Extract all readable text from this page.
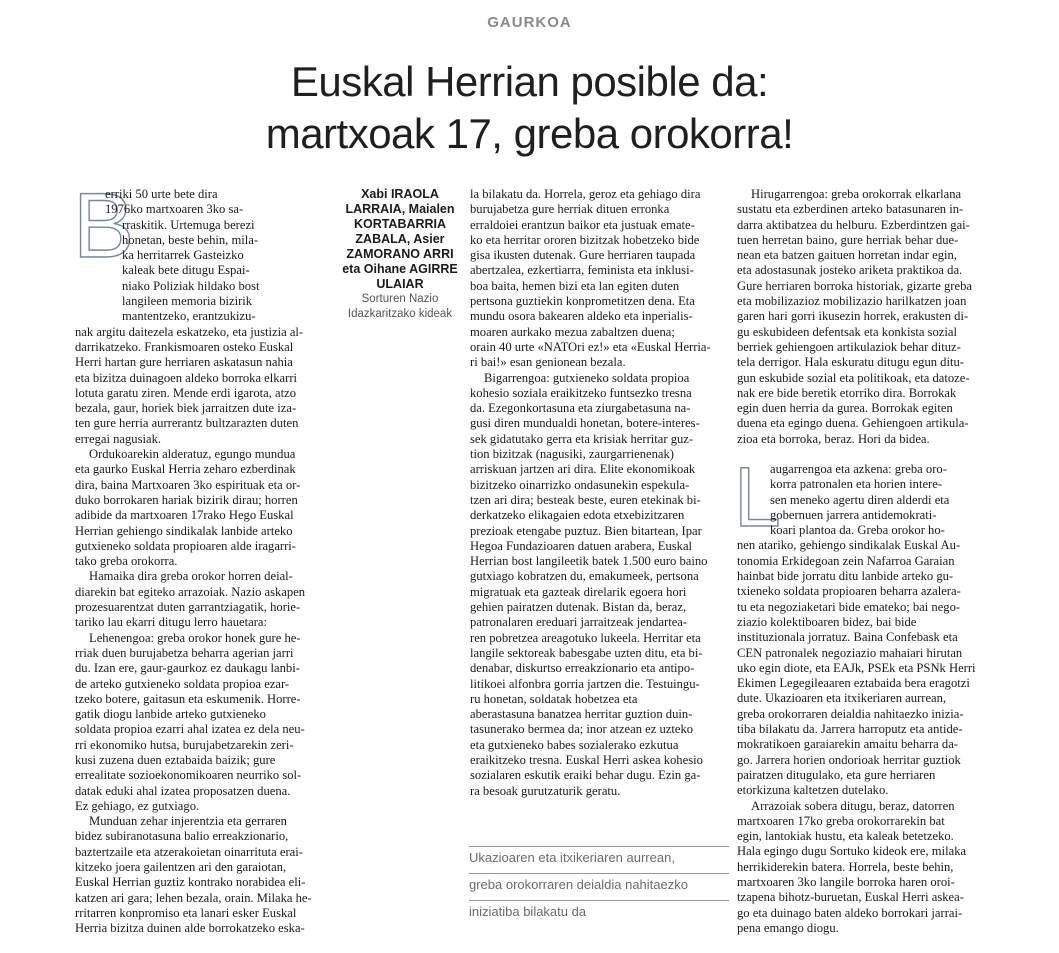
GAURKOA
Euskal Herrian posible da:
martxoak 17, greba orokorra!
B
erriki 50 urte bete dira
1976ko martxoaren 3ko sa-
rraskitik. Urtemuga berezi
honetan, beste behin, mila-
ka herritarrek Gasteizko
kaleak bete ditugu Espai-
niako Poliziak hildako bost
langileen memoria bizirik
mantentzeko, erantzukizu-
nak argitu daitezela eskatzeko, eta justizia al-
darrikatzeko. Frankismoaren osteko Euskal
Herri hartan gure herriaren askatasun nahia
eta bizitza duinagoen aldeko borroka elkarri
lotuta garatu ziren. Mende erdi igarota, atzo
bezala, gaur, horiek biek jarraitzen dute iza-
ten gure herria aurrerantz bultzarazten duten
erregai nagusiak.
Ordukoarekin alderatuz, egungo mundua
eta gaurko Euskal Herria zeharo ezberdinak
dira, baina Martxoaren 3ko espirituak eta or-
duko borrokaren hariak bizirik dirau; horren
adibide da martxoaren 17rako Hego Euskal
Herrian gehiengo sindikalak lanbide arteko
gutxieneko soldata propioaren alde iragarri-
tako greba orokorra.
Hamaika dira greba orokor horren deial-
diarekin bat egiteko arrazoiak. Nazio askapen
prozesuarentzat duten garrantziagatik, horie-
tariko lau ekarri ditugu lerro hauetara:
Lehenengoa: greba orokor honek gure he-
rriak duen burujabetza beharra agerian jarri
du. Izan ere, gaur-gaurkoz ez daukagu lanbi-
de arteko gutxieneko soldata propioa ezar-
tzeko botere, gaitasun eta eskumenik. Horre-
gatik diogu lanbide arteko gutxieneko
soldata propioa ezarri ahal izatea ez dela neu-
rri ekonomiko hutsa, burujabetzarekin zeri-
kusi zuzena duen eztabaida baizik; gure
errealitate sozioekonomikoaren neurriko sol-
datak eduki ahal izatea proposatzen duena.
Ez gehiago, ez gutxiago.
Munduan zehar injerentzia eta gerraren
bidez subiranotasuna balio erreakzionario,
baztertzaile eta atzerakoietan oinarrituta erai-
kitzeko joera gailentzen ari den garaiotan,
Euskal Herrian guztiz kontrako norabidea eli-
katzen ari gara; lehen bezala, orain. Milaka he-
rritarren konpromiso eta lanari esker Euskal
Herria bizitza duinen alde borrokatzeko eska-
Xabi IRAOLA
LARRAIA, Maialen
KORTABARRIA
ZABALA, Asier
ZAMORANO ARRI
eta Oihane AGIRRE
ULAIAR
Sorturen Nazio
Idazkaritzako kideak
la bilakatu da. Horrela, geroz eta gehiago dira
burujabetza gure herriak dituen erronka
erraldoiei erantzun baikor eta justuak emate-
ko eta herritar ororen bizitzak hobetzeko bide
gisa ikusten dutenak. Gure herriaren taupada
abertzalea, ezkertiarra, feminista eta inklusi-
boa baita, hemen bizi eta lan egiten duten
pertsona guztiekin konprometitzen dena. Eta
mundu osora bakearen aldeko eta inperialis-
moaren aurkako mezua zabaltzen duena;
orain 40 urte «NATOri ez!» eta «Euskal Herria-
ri bai!» esan genionean bezala.
Bigarrengoa: gutxieneko soldata propioa
kohesio soziala eraikitzeko funtsezko tresna
da. Ezegonkortasuna eta ziurgabetasuna na-
gusi diren mundualdi honetan, botere-interes-
sek gidatutako gerra eta krisiak herritar guz-
tion bizitzak (nagusiki, zaurgarrienenak)
arriskuan jartzen ari dira. Elite ekonomikoak
bizitzeko oinarrizko ondasunekin espekula-
tzen ari dira; besteak beste, euren etekinak bi-
derkatzeko elikagaien edota etxebizitzaren
prezioak etengabe puztuz. Bien bitartean, Ipar
Hegoa Fundazioaren datuen arabera, Euskal
Herrian bost langileetik batek 1.500 euro baino
gutxiago kobratzen du, emakumeek, pertsona
migratuak eta gazteak direlarik egoera hori
gehien pairatzen dutenak. Bistan da, beraz,
patronalaren ereduari jarraitzeak jendartea-
ren pobretzea areagotuko lukeela. Herritar eta
langile sektoreak babesgabe uzten ditu, eta bi-
denabar, diskurtso erreakzionario eta antipo-
litikoei alfonbra gorria jartzen die. Testuingu-
ru honetan, soldatak hobetzea eta
aberastasuna banatzea herritar guztion duin-
tasunerako bermea da; inor atzean ez uzteko
eta gutxieneko babes sozialerako ezkutua
eraikitzeko tresna. Euskal Herri askea kohesio
sozialaren eskutik eraiki behar dugu. Ezin ga-
ra besoak gurutzaturik geratu.
Hirugarrengoa: greba orokorrak elkarlana
sustatu eta ezberdinen arteko batasunaren in-
darra aktibatzea du helburu. Ezberdintzen gai-
tuen herretan baino, gure herriak behar due-
nean eta batzen gaituen horretan indar egin,
eta adostasunak josteko ariketa praktikoa da.
Gure herriaren borroka historiak, gizarte greba
eta mobilizazioz mobilizazio harilkatzen joan
garen hari gorri ikusezin horrek, erakusten di-
gu eskubideen defentsak eta konkista sozial
berriek gehiengoen artikulaziok behar dituz-
tela derrigor. Hala eskuratu ditugu egun ditu-
gun eskubide sozial eta politikoak, eta datoze-
nak ere bide beretik etorriko dira. Borrokak
egin duen herria da gurea. Borrokak egiten
duena eta egingo duena. Gehiengoen artikula-
zioa eta borroka, beraz. Hori da bidea.
L
augarrengoa eta azkena: greba oro-
korra patronalen eta horien intere-
sen meneko agertu diren alderdi eta
gobernuen jarrera antidemokrati-
koari plantoa da. Greba orokor ho-
nen atariko, gehiengo sindikalak Euskal Au-
tonomia Erkidegoan zein Nafarroa Garaian
hainbat bide jorratu ditu lanbide arteko gu-
txieneko soldata propioaren beharra azalera-
tu eta negoziaketari bide emateko; bai nego-
ziazio kolektiboaren bidez, bai bide
instituzionala jorratuz. Baina Confebask eta
CEN patronalek negoziazio mahaiari hirutan
uko egin diote, eta EAJk, PSEk eta PSNk Herri
Ekimen Legegileaaren eztabaida bera eragotzi
dute. Ukazioaren eta itxikeriaren aurrean,
greba orokorraren deialdia nahitaezko inizia-
tiba bilakatu da. Jarrera harroputz eta antide-
mokratikoen garaiarekin amaitu beharra da-
go. Jarrera horien ondorioak herritar guztiok
pairatzen ditugulako, eta gure herriaren
etorkizuna kaltetzen dutelako.
Arrazoiak sobera ditugu, beraz, datorren
martxoaren 17ko greba orokorrarekin bat
egin, lantokiak hustu, eta kaleak betetzeko.
Hala egingo dugu Sortuko kideok ere, milaka
herrikiderekin batera. Horrela, beste behin,
martxoaren 3ko langile borroka haren oroi-
tzapena bihotz-buruetan, Euskal Herri askea-
go eta duinago baten aldeko borrokari jarrai-
pena emango diogu.
Ukazioaren eta itxikeriaren aurrean,
greba orokorraren deialdia nahitaezko
iniziatiba bilakatu da
